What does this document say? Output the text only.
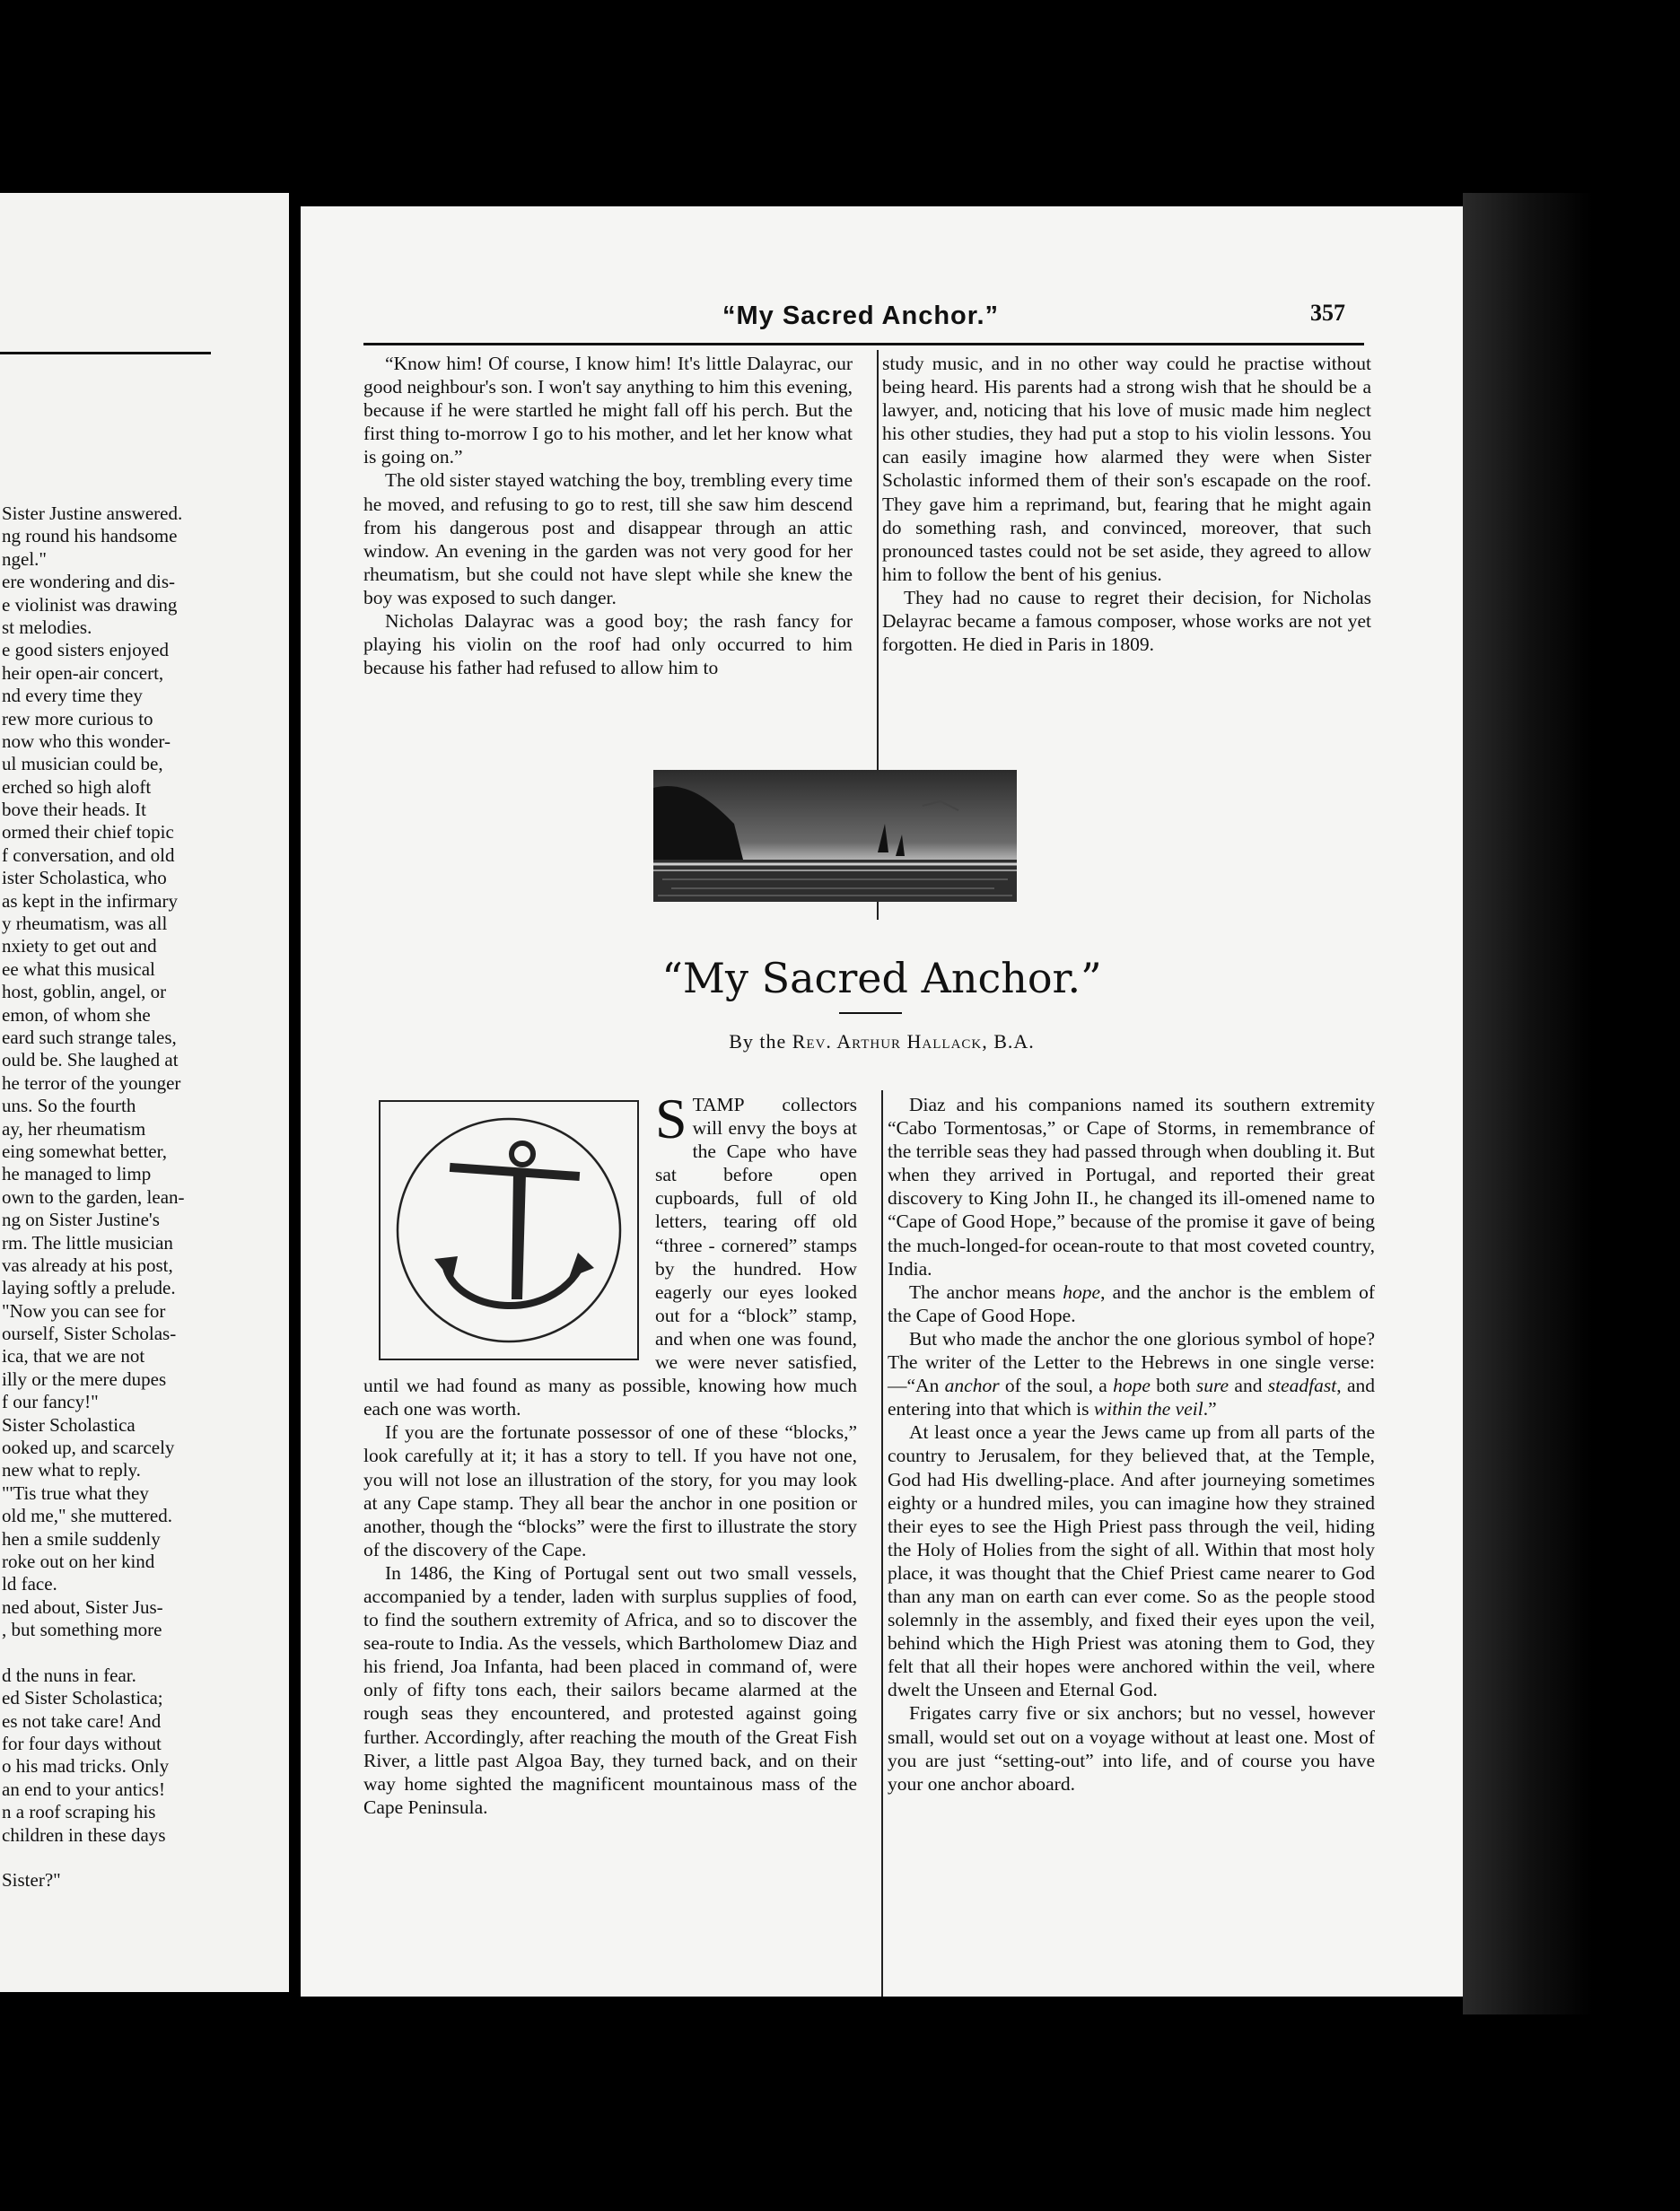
Sister Justine answered.
ng round his handsome
ngel."
ere wondering and dis-
e violinist was drawing
st melodies.
e good sisters enjoyed
heir open-air concert,
nd every time they
rew more curious to
now who this wonder-
ul musician could be,
erched so high aloft
bove their heads. It
ormed their chief topic
f conversation, and old
ister Scholastica, who
as kept in the infirmary
y rheumatism, was all
nxiety to get out and
ee what this musical
host, goblin, angel, or
emon, of whom she
eard such strange tales,
ould be. She laughed at
he terror of the younger
uns. So the fourth
ay, her rheumatism
eing somewhat better,
he managed to limp
own to the garden, lean-
ng on Sister Justine's
rm. The little musician
vas already at his post,
laying softly a prelude.
"Now you can see for
ourself, Sister Scholas-
ica, that we are not
illy or the mere dupes
f our fancy!"
Sister Scholastica
ooked up, and scarcely
new what to reply.
"'Tis true what they
old me," she muttered.
hen a smile suddenly
roke out on her kind
ld face.
ned about, Sister Jus-
, but something more
d the nuns in fear.
ed Sister Scholastica;
es not take care! And
for four days without
o his mad tricks. Only
an end to your antics!
n a roof scraping his
children in these days
Sister?"
“My Sacred Anchor.”	357

“Know him! Of course, I know him! It's little Dalayrac, our good neighbour's son. I won't say anything to him this evening, because if he were startled he might fall off his perch. But the first thing to-morrow I go to his mother, and let her know what is going on.”

The old sister stayed watching the boy, trembling every time he moved, and refusing to go to rest, till she saw him descend from his dangerous post and disappear through an attic window. An evening in the garden was not very good for her rheumatism, but she could not have slept while she knew the boy was exposed to such danger.

Nicholas Dalayrac was a good boy; the rash fancy for playing his violin on the roof had only occurred to him because his father had refused to allow him to

study music, and in no other way could he practise without being heard. His parents had a strong wish that he should be a lawyer, and, noticing that his love of music made him neglect his other studies, they had put a stop to his violin lessons. You can easily imagine how alarmed they were when Sister Scholastic informed them of their son's escapade on the roof. They gave him a reprimand, but, fearing that he might again do something rash, and convinced, moreover, that such pronounced tastes could not be set aside, they agreed to allow him to follow the bent of his genius.

They had no cause to regret their decision, for Nicholas Delayrac became a famous composer, whose works are not yet forgotten. He died in Paris in 1809.

“My Sacred Anchor.”
By the Rev. Arthur Hallack, B.A.

STAMP collectors will envy the boys at the Cape who have sat before open cupboards, full of old letters, tearing off old “three - cornered” stamps by the hundred. How eagerly our eyes looked out for a “block” stamp, and when one was found, we were never satisfied, until we had found as many as possible, knowing how much each one was worth.

If you are the fortunate possessor of one of these “blocks,” look carefully at it; it has a story to tell. If you have not one, you will not lose an illustration of the story, for you may look at any Cape stamp. They all bear the anchor in one position or another, though the “blocks” were the first to illustrate the story of the discovery of the Cape.

In 1486, the King of Portugal sent out two small vessels, accompanied by a tender, laden with surplus supplies of food, to find the southern extremity of Africa, and so to discover the sea-route to India. As the vessels, which Bartholomew Diaz and his friend, Joa Infanta, had been placed in command of, were only of fifty tons each, their sailors became alarmed at the rough seas they encountered, and protested against going further. Accordingly, after reaching the mouth of the Great Fish River, a little past Algoa Bay, they turned back, and on their way home sighted the magnificent mountainous mass of the Cape Peninsula.

Diaz and his companions named its southern extremity “Cabo Tormentosas,” or Cape of Storms, in remembrance of the terrible seas they had passed through when doubling it. But when they arrived in Portugal, and reported their great discovery to King John II., he changed its ill-omened name to “Cape of Good Hope,” because of the promise it gave of being the much-longed-for ocean-route to that most coveted country, India.

The anchor means hope, and the anchor is the emblem of the Cape of Good Hope.

But who made the anchor the one glorious symbol of hope? The writer of the Letter to the Hebrews in one single verse:—“An anchor of the soul, a hope both sure and steadfast, and entering into that which is within the veil.”

At least once a year the Jews came up from all parts of the country to Jerusalem, for they believed that, at the Temple, God had His dwelling-place. And after journeying sometimes eighty or a hundred miles, you can imagine how they strained their eyes to see the High Priest pass through the veil, hiding the Holy of Holies from the sight of all. Within that most holy place, it was thought that the Chief Priest came nearer to God than any man on earth can ever come. So as the people stood solemnly in the assembly, and fixed their eyes upon the veil, behind which the High Priest was atoning them to God, they felt that all their hopes were anchored within the veil, where dwelt the Unseen and Eternal God.

Frigates carry five or six anchors; but no vessel, however small, would set out on a voyage without at least one. Most of you are just “setting-out” into life, and of course you have your one anchor aboard.
